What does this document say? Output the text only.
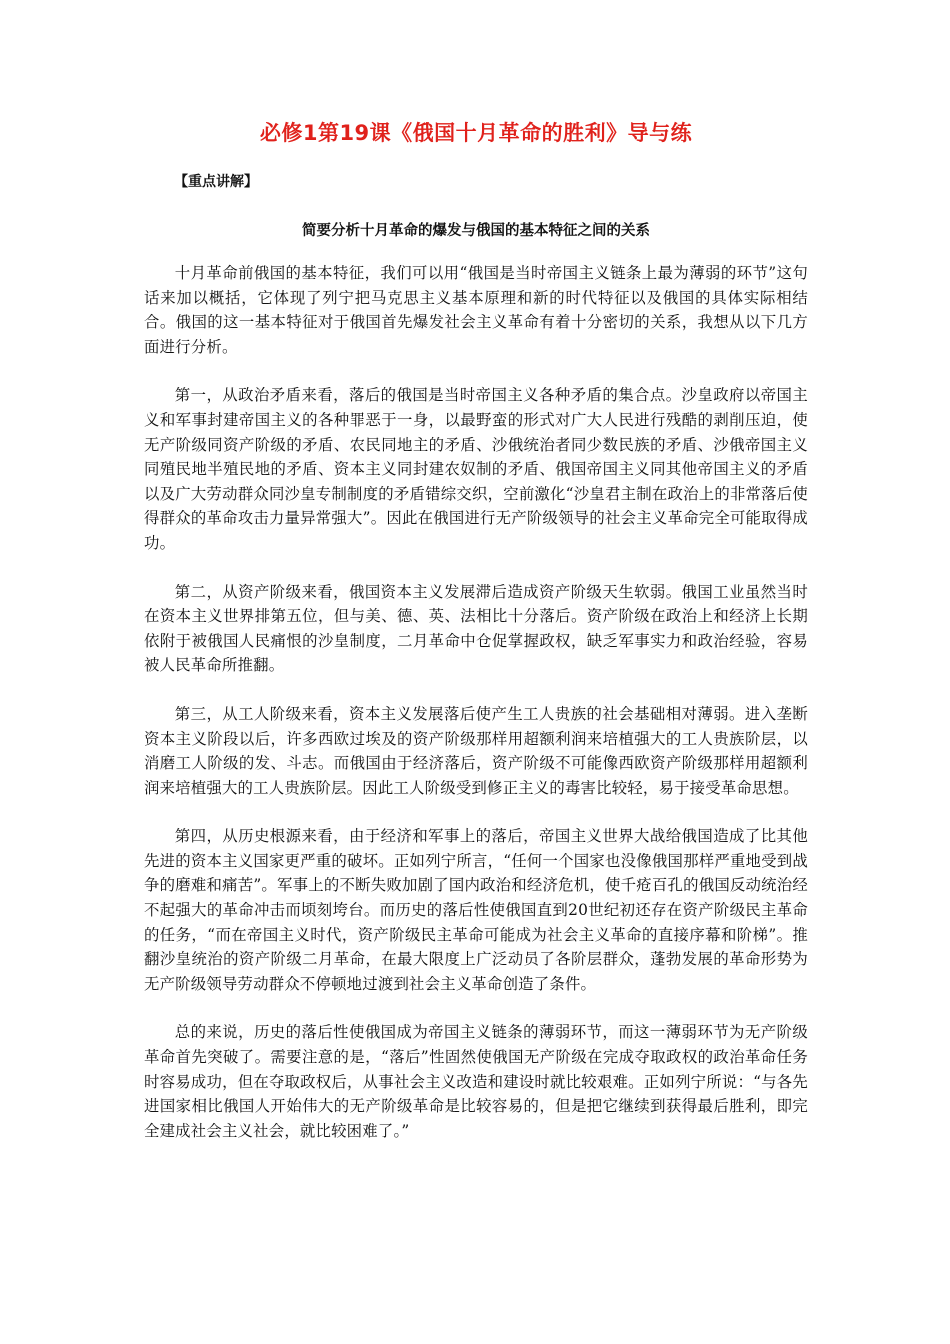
必修1第19课《俄国十月革命的胜利》导与练
【重点讲解】
简要分析十月革命的爆发与俄国的基本特征之间的关系

十月革命前俄国的基本特征，我们可以用“俄国是当时帝国主义链条上最为薄弱的环节”这句话来加以概括，它体现了列宁把马克思主义基本原理和新的时代特征以及俄国的具体实际相结合。俄国的这一基本特征对于俄国首先爆发社会主义革命有着十分密切的关系，我想从以下几方面进行分析。

第一，从政治矛盾来看，落后的俄国是当时帝国主义各种矛盾的集合点。沙皇政府以帝国主义和军事封建帝国主义的各种罪恶于一身，以最野蛮的形式对广大人民进行残酷的剥削压迫，使无产阶级同资产阶级的矛盾、农民同地主的矛盾、沙俄统治者同少数民族的矛盾、沙俄帝国主义同殖民地半殖民地的矛盾、资本主义同封建农奴制的矛盾、俄国帝国主义同其他帝国主义的矛盾以及广大劳动群众同沙皇专制制度的矛盾错综交织，空前激化“沙皇君主制在政治上的非常落后使得群众的革命攻击力量异常强大”。因此在俄国进行无产阶级领导的社会主义革命完全可能取得成功。

第二，从资产阶级来看，俄国资本主义发展滞后造成资产阶级天生软弱。俄国工业虽然当时在资本主义世界排第五位，但与美、德、英、法相比十分落后。资产阶级在政治上和经济上长期依附于被俄国人民痛恨的沙皇制度，二月革命中仓促掌握政权，缺乏军事实力和政治经验，容易被人民革命所推翻。

第三，从工人阶级来看，资本主义发展落后使产生工人贵族的社会基础相对薄弱。进入垄断资本主义阶段以后，许多西欧过埃及的资产阶级那样用超额利润来培植强大的工人贵族阶层，以消磨工人阶级的发、斗志。而俄国由于经济落后，资产阶级不可能像西欧资产阶级那样用超额利润来培植强大的工人贵族阶层。因此工人阶级受到修正主义的毒害比较轻，易于接受革命思想。

第四，从历史根源来看，由于经济和军事上的落后，帝国主义世界大战给俄国造成了比其他先进的资本主义国家更严重的破坏。正如列宁所言，“任何一个国家也没像俄国那样严重地受到战争的磨难和痛苦”。军事上的不断失败加剧了国内政治和经济危机，使千疮百孔的俄国反动统治经不起强大的革命冲击而顷刻垮台。而历史的落后性使俄国直到20世纪初还存在资产阶级民主革命的任务，“而在帝国主义时代，资产阶级民主革命可能成为社会主义革命的直接序幕和阶梯”。推翻沙皇统治的资产阶级二月革命，在最大限度上广泛动员了各阶层群众，蓬勃发展的革命形势为无产阶级领导劳动群众不停顿地过渡到社会主义革命创造了条件。

总的来说，历史的落后性使俄国成为帝国主义链条的薄弱环节，而这一薄弱环节为无产阶级革命首先突破了。需要注意的是，“落后”性固然使俄国无产阶级在完成夺取政权的政治革命任务时容易成功，但在夺取政权后，从事社会主义改造和建设时就比较艰难。正如列宁所说：“与各先进国家相比俄国人开始伟大的无产阶级革命是比较容易的，但是把它继续到获得最后胜利，即完全建成社会主义社会，就比较困难了。”
